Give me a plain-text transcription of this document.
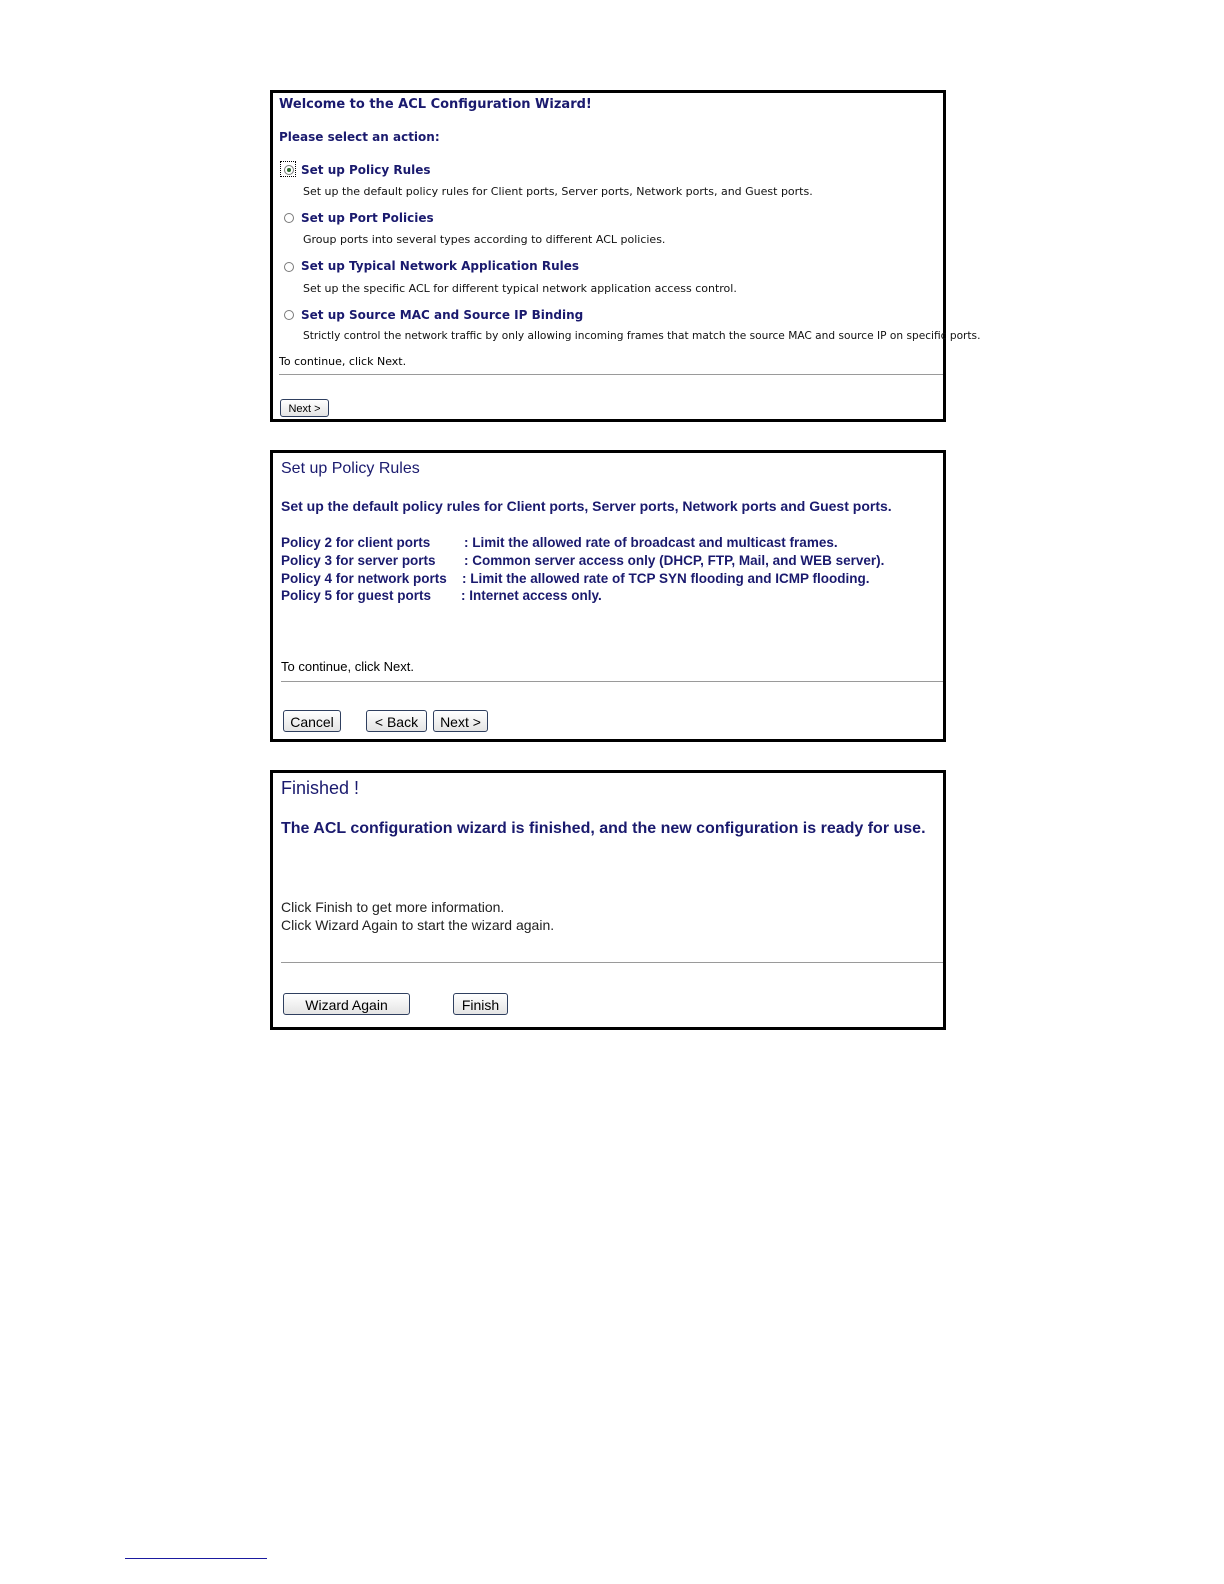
Welcome to the ACL Configuration Wizard!
Please select an action:
Set up Policy Rules
Set up the default policy rules for Client ports, Server ports, Network ports, and Guest ports.
Set up Port Policies
Group ports into several types according to different ACL policies.
Set up Typical Network Application Rules
Set up the specific ACL for different typical network application access control.
Set up Source MAC and Source IP Binding
Strictly control the network traffic by only allowing incoming frames that match the source MAC and source IP on specific ports.
To continue, click Next.
Next >
Set up Policy Rules
Set up the default policy rules for Client ports, Server ports, Network ports and Guest ports.
Policy 2 for client ports : Limit the allowed rate of broadcast and multicast frames.
Policy 3 for server ports : Common server access only (DHCP, FTP, Mail, and WEB server).
Policy 4 for network ports : Limit the allowed rate of TCP SYN flooding and ICMP flooding.
Policy 5 for guest ports : Internet access only.
To continue, click Next.
Cancel	< Back	Next >
Finished !
The ACL configuration wizard is finished, and the new configuration is ready for use.
Click Finish to get more information.
Click Wizard Again to start the wizard again.
Wizard Again	Finish
